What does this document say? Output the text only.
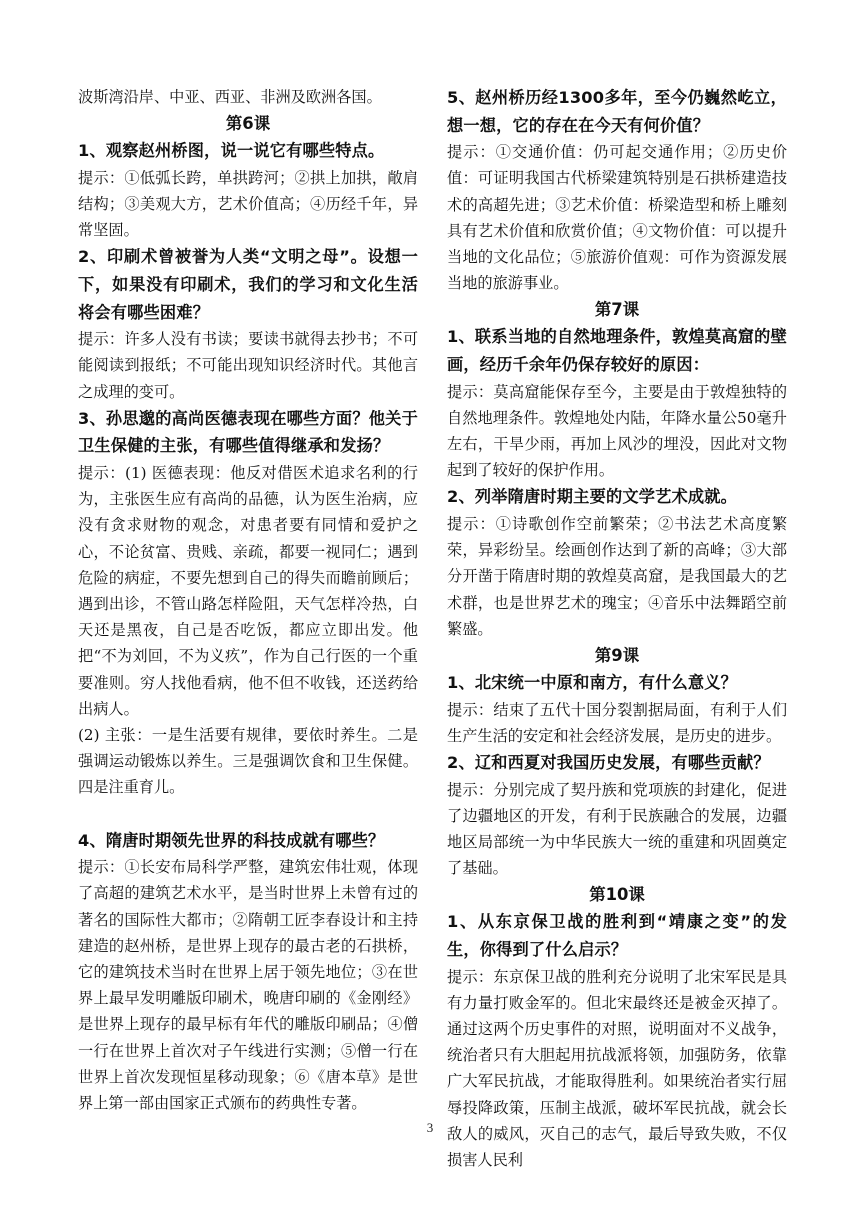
波斯湾沿岸、中亚、西亚、非洲及欧洲各国。

第6课

1、观察赵州桥图，说一说它有哪些特点。

提示：①低弧长跨，单拱跨河；②拱上加拱，敞肩结构；③美观大方，艺术价值高；④历经千年，异常坚固。

2、印刷术曾被誉为人类“文明之母”。设想一下，如果没有印刷术，我们的学习和文化生活将会有哪些困难？

提示：许多人没有书读；要读书就得去抄书；不可能阅读到报纸；不可能出现知识经济时代。其他言之成理的变可。

3、孙思邈的高尚医德表现在哪些方面？他关于卫生保健的主张，有哪些值得继承和发扬？

提示：(1) 医德表现：他反对借医术追求名利的行为，主张医生应有高尚的品德，认为医生治病，应没有贪求财物的观念，对患者要有同情和爱护之心，不论贫富、贵贱、亲疏，都要一视同仁；遇到危险的病症，不要先想到自己的得失而瞻前顾后；遇到出诊，不管山路怎样险阻，天气怎样冷热，白天还是黑夜，自己是否吃饭，都应立即出发。他把“不为刘回，不为义疚”，作为自己行医的一个重要准则。穷人找他看病，他不但不收钱，还送药给出病人。

(2) 主张：一是生活要有规律，要依时养生。二是强调运动锻炼以养生。三是强调饮食和卫生保健。四是注重育儿。

4、隋唐时期领先世界的科技成就有哪些？

提示：①长安布局科学严整，建筑宏伟壮观，体现了高超的建筑艺术水平，是当时世界上未曾有过的著名的国际性大都市；②隋朝工匠李春设计和主持建造的赵州桥，是世界上现存的最古老的石拱桥，它的建筑技术当时在世界上居于领先地位；③在世界上最早发明雕版印刷术，晚唐印刷的《金刚经》是世界上现存的最早标有年代的雕版印刷品；④僧一行在世界上首次对子午线进行实测；⑤僧一行在世界上首次发现恒星移动现象；⑥《唐本草》是世界上第一部由国家正式颁布的药典性专著。

5、赵州桥历经1300多年，至今仍巍然屹立，想一想，它的存在在今天有何价值？

提示：①交通价值：仍可起交通作用；②历史价值：可证明我国古代桥梁建筑特别是石拱桥建造技术的高超先进；③艺术价值：桥梁造型和桥上雕刻具有艺术价值和欣赏价值；④文物价值：可以提升当地的文化品位；⑤旅游价值观：可作为资源发展当地的旅游事业。

第7课

1、联系当地的自然地理条件，敦煌莫高窟的壁画，经历千余年仍保存较好的原因：

提示：莫高窟能保存至今，主要是由于敦煌独特的自然地理条件。敦煌地处内陆，年降水量公50毫升左右，干旱少雨，再加上风沙的埋没，因此对文物起到了较好的保护作用。

2、列举隋唐时期主要的文学艺术成就。

提示：①诗歌创作空前繁荣；②书法艺术高度繁荣，异彩纷呈。绘画创作达到了新的高峰；③大部分开凿于隋唐时期的敦煌莫高窟，是我国最大的艺术群，也是世界艺术的瑰宝；④音乐中法舞蹈空前繁盛。

第9课

1、北宋统一中原和南方，有什么意义？

提示：结束了五代十国分裂割据局面，有利于人们生产生活的安定和社会经济发展，是历史的进步。

2、辽和西夏对我国历史发展，有哪些贡献？

提示：分别完成了契丹族和党项族的封建化，促进了边疆地区的开发，有利于民族融合的发展，边疆地区局部统一为中华民族大一统的重建和巩固奠定了基础。

第10课

1、从东京保卫战的胜利到“靖康之变”的发生，你得到了什么启示？

提示：东京保卫战的胜利充分说明了北宋军民是具有力量打败金军的。但北宋最终还是被金灭掉了。通过这两个历史事件的对照，说明面对不义战争，统治者只有大胆起用抗战派将领，加强防务，依靠广大军民抗战，才能取得胜利。如果统治者实行屈辱投降政策，压制主战派，破坏军民抗战，就会长敌人的威风，灭自己的志气，最后导致失败，不仅损害人民利

3
